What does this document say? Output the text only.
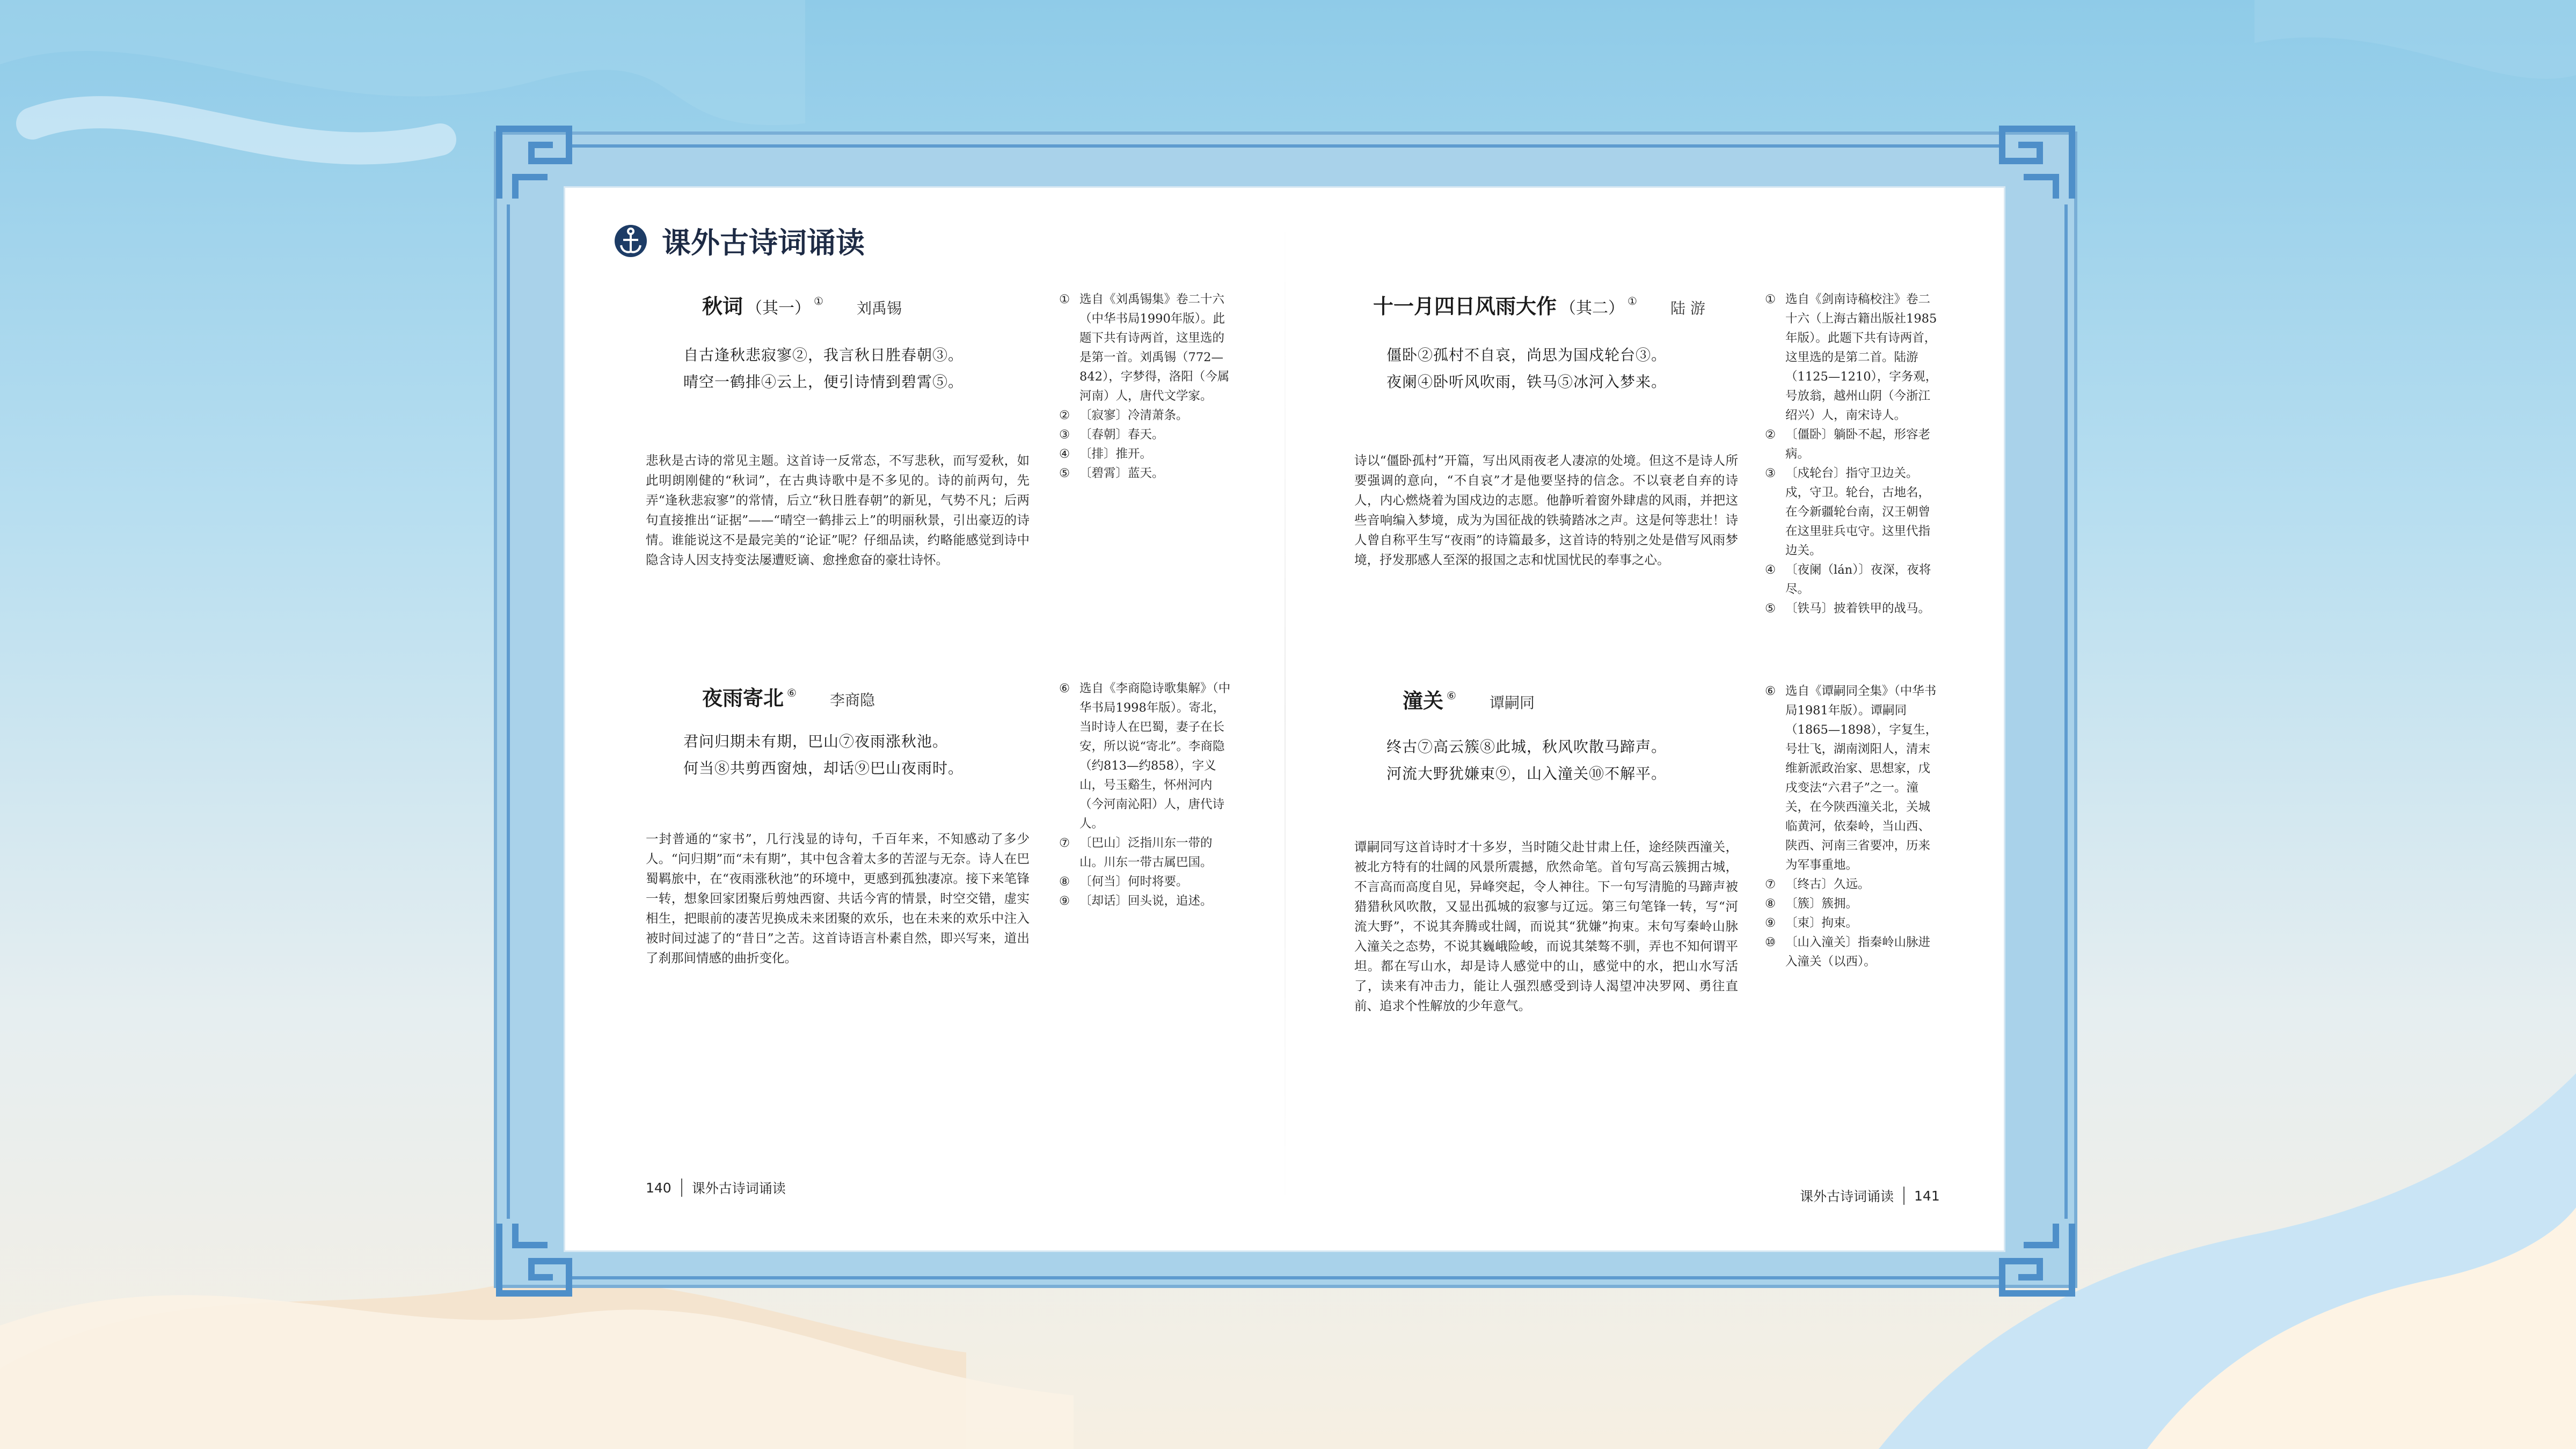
课外古诗词诵读
秋词 （其一） ① 刘禹锡
自古逢秋悲寂寥②，我言秋日胜春朝③。
晴空一鹤排④云上，便引诗情到碧霄⑤。
悲秋是古诗的常见主题。这首诗一反常态，不写悲秋，而写爱秋，如此明朗刚健的“秋词”，在古典诗歌中是不多见的。诗的前两句，先弄“逢秋悲寂寥”的常情，后立“秋日胜春朝”的新见，气势不凡；后两句直接推出“证据”——“晴空一鹤排云上”的明丽秋景，引出豪迈的诗情。谁能说这不是最完美的“论证”呢？仔细品读，约略能感觉到诗中隐含诗人因支持变法屡遭贬谪、愈挫愈奋的豪壮诗怀。
① 选自《刘禹锡集》卷二十六（中华书局1990年版）。此题下共有诗两首，这里选的是第一首。刘禹锡（772—842），字梦得，洛阳（今属河南）人，唐代文学家。
② 〔寂寥〕冷清萧条。
③ 〔春朝〕春天。
④ 〔排〕推开。
⑤ 〔碧霄〕蓝天。
夜雨寄北 ⑥ 李商隐
君问归期未有期，巴山⑦夜雨涨秋池。
何当⑧共剪西窗烛，却话⑨巴山夜雨时。
一封普通的“家书”，几行浅显的诗句，千百年来，不知感动了多少人。“问归期”而“未有期”，其中包含着太多的苦涩与无奈。诗人在巴蜀羁旅中，在“夜雨涨秋池”的环境中，更感到孤独凄凉。接下来笔锋一转，想象回家团聚后剪烛西窗、共话今宵的情景，时空交错，虚实相生，把眼前的凄苦児换成未来团聚的欢乐，也在未来的欢乐中注入被时间过滤了的“昔日”之苦。这首诗语言朴素自然，即兴写来，道出了刹那间情感的曲折变化。
⑥ 选自《李商隐诗歌集解》（中华书局1998年版）。寄北，当时诗人在巴蜀，妻子在长安，所以说“寄北”。李商隐（约813—约858），字义山，号玉谿生，怀州河内（今河南沁阳）人，唐代诗人。
⑦ 〔巴山〕泛指川东一带的山。川东一带古属巴国。
⑧ 〔何当〕何时将要。
⑨ 〔却话〕回头说，追述。
140 课外古诗词诵读
十一月四日风雨大作 （其二） ① 陆 游
僵卧②孤村不自哀，尚思为国戍轮台③。
夜阑④卧听风吹雨，铁马⑤冰河入梦来。
诗以“僵卧孤村”开篇，写出风雨夜老人凄凉的处境。但这不是诗人所要强调的意向，“不自哀”才是他要坚持的信念。不以衰老自弃的诗人，内心燃烧着为国戍边的志愿。他静听着窗外肆虐的风雨，并把这些音响编入梦境，成为为国征战的铁骑踏冰之声。这是何等悲壮！诗人曾自称平生写“夜雨”的诗篇最多，这首诗的特别之处是借写风雨梦境，抒发那感人至深的报国之志和忧国忧民的奉事之心。
① 选自《剑南诗稿校注》卷二十六（上海古籍出版社1985年版）。此题下共有诗两首，这里选的是第二首。陆游（1125—1210），字务观，号放翁，越州山阴（今浙江绍兴）人，南宋诗人。
② 〔僵卧〕躺卧不起，形容老病。
③ 〔戍轮台〕指守卫边关。戍，守卫。轮台，古地名，在今新疆轮台南，汉王朝曾在这里驻兵屯守。这里代指边关。
④ 〔夜阑（lán）〕夜深，夜将尽。
⑤ 〔铁马〕披着铁甲的战马。
潼关 ⑥ 谭嗣同
终古⑦高云簇⑧此城，秋风吹散马蹄声。
河流大野犹嫌束⑨，山入潼关⑩不解平。
谭嗣同写这首诗时才十多岁，当时随父赴甘肃上任，途经陕西潼关，被北方特有的壮阔的风景所震撼，欣然命笔。首句写高云簇拥古城，不言高而高度自见，异峰突起，令人神往。下一句写清脆的马蹄声被猎猎秋风吹散，又显出孤城的寂寥与辽远。第三句笔锋一转，写“河流大野”，不说其奔腾或壮阔，而说其“犹嫌”拘束。末句写秦岭山脉入潼关之态势，不说其巍峨险峻，而说其桀骜不驯，弄也不知何谓平坦。都在写山水，却是诗人感觉中的山，感觉中的水，把山水写活了，读来有冲击力，能让人强烈感受到诗人渴望冲决罗网、勇往直前、追求个性解放的少年意气。
⑥ 选自《谭嗣同全集》（中华书局1981年版）。谭嗣同（1865—1898），字复生，号壮飞，湖南浏阳人，清末维新派政治家、思想家，戊戌变法“六君子”之一。潼关，在今陕西潼关北，关城临黄河，依秦岭，当山西、陕西、河南三省要冲，历来为军事重地。
⑦ 〔终古〕久远。
⑧ 〔簇〕簇拥。
⑨ 〔束〕拘束。
⑩ 〔山入潼关〕指秦岭山脉进入潼关（以西）。
课外古诗词诵读 141
